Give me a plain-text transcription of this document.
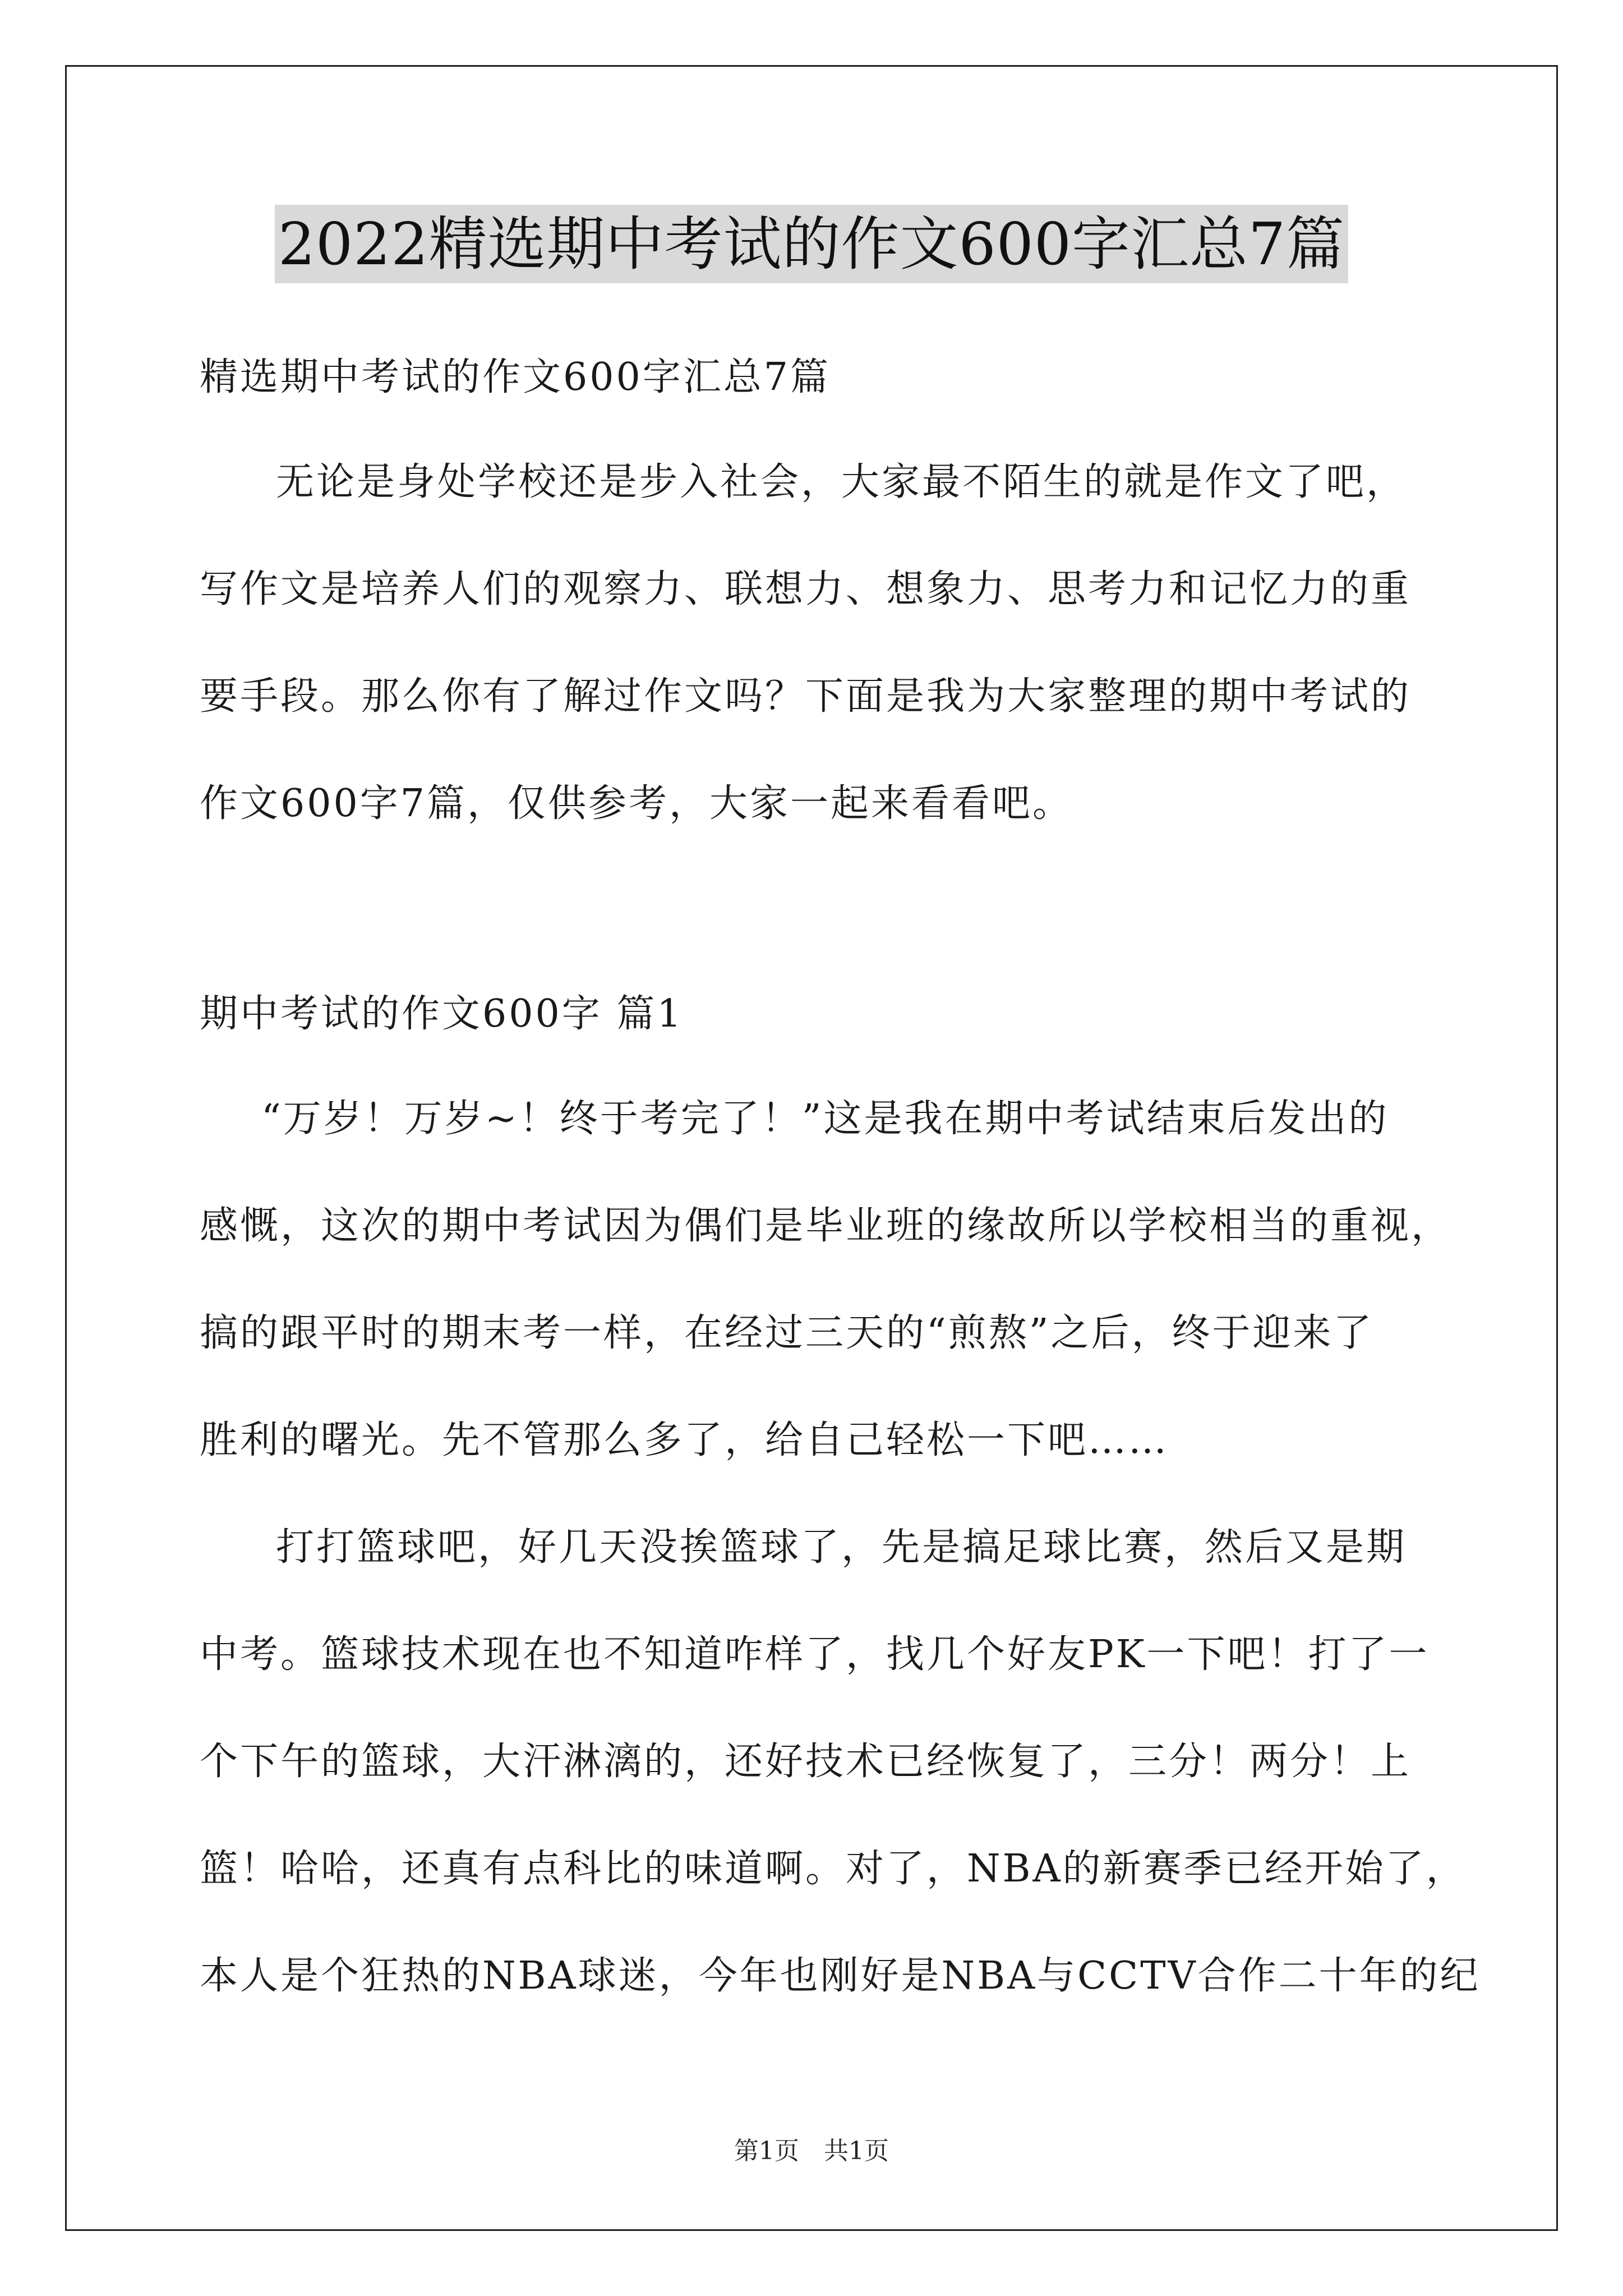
2022精选期中考试的作文600字汇总7篇

精选期中考试的作文600字汇总7篇

无论是身处学校还是步入社会，大家最不陌生的就是作文了吧，

写作文是培养人们的观察力、联想力、想象力、思考力和记忆力的重

要手段。那么你有了解过作文吗？下面是我为大家整理的期中考试的

作文600字7篇，仅供参考，大家一起来看看吧。

期中考试的作文600字 篇1

“万岁！万岁~！终于考完了！”这是我在期中考试结束后发出的

感慨，这次的期中考试因为偶们是毕业班的缘故所以学校相当的重视，

搞的跟平时的期末考一样，在经过三天的“煎熬”之后，终于迎来了

胜利的曙光。先不管那么多了，给自己轻松一下吧……

打打篮球吧，好几天没挨篮球了，先是搞足球比赛，然后又是期

中考。篮球技术现在也不知道咋样了，找几个好友PK一下吧！打了一

个下午的篮球，大汗淋漓的，还好技术已经恢复了，三分！两分！上

篮！哈哈，还真有点科比的味道啊。对了，NBA的新赛季已经开始了，

本人是个狂热的NBA球迷，今年也刚好是NBA与CCTV合作二十年的纪

第1页 共1页
